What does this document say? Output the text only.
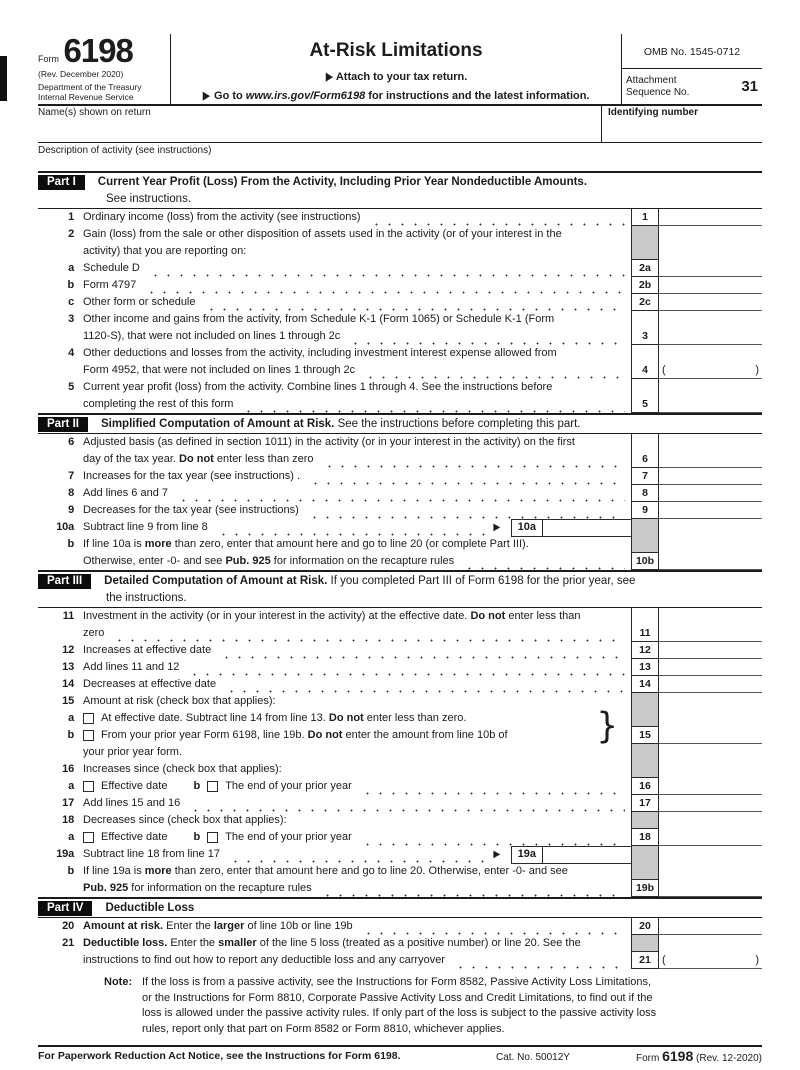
Form 6198
(Rev. December 2020)
Department of the Treasury
Internal Revenue Service
At-Risk Limitations
▶ Attach to your tax return.
▶ Go to www.irs.gov/Form6198 for instructions and the latest information.
OMB No. 1545-0712
Attachment
Sequence No.	31
Name(s) shown on return	Identifying number
Description of activity (see instructions)
Part I	Current Year Profit (Loss) From the Activity, Including Prior Year Nondeductible Amounts.
See instructions.
1 Ordinary income (loss) from the activity (see instructions)	1
2 Gain (loss) from the sale or other disposition of assets used in the activity (or of your interest in the
activity) that you are reporting on:
a Schedule D	2a
b Form 4797	2b
c Other form or schedule	2c
3 Other income and gains from the activity, from Schedule K-1 (Form 1065) or Schedule K-1 (Form
1120-S), that were not included on lines 1 through 2c	3
4 Other deductions and losses from the activity, including investment interest expense allowed from
Form 4952, that were not included on lines 1 through 2c	4	(	)
5 Current year profit (loss) from the activity. Combine lines 1 through 4. See the instructions before
completing the rest of this form	5
Part II	Simplified Computation of Amount at Risk. See the instructions before completing this part.
6 Adjusted basis (as defined in section 1011) in the activity (or in your interest in the activity) on the first
day of the tax year. Do not enter less than zero	6
7 Increases for the tax year (see instructions) .	7
8 Add lines 6 and 7	8
9 Decreases for the tax year (see instructions)	9
10a Subtract line 9 from line 8	▶	10a
b If line 10a is more than zero, enter that amount here and go to line 20 (or complete Part III).
Otherwise, enter -0- and see Pub. 925 for information on the recapture rules	10b
Part III	Detailed Computation of Amount at Risk. If you completed Part III of Form 6198 for the prior year, see
the instructions.
11 Investment in the activity (or in your interest in the activity) at the effective date. Do not enter less than
zero	11
12 Increases at effective date	12
13 Add lines 11 and 12	13
14 Decreases at effective date	14
15 Amount at risk (check box that applies):
a At effective date. Subtract line 14 from line 13. Do not enter less than zero.	}
b From your prior year Form 6198, line 19b. Do not enter the amount from line 10b of	15
your prior year form.
16 Increases since (check box that applies):
a Effective date b The end of your prior year	16
17 Add lines 15 and 16	17
18 Decreases since (check box that applies):
a Effective date b The end of your prior year	18
19a Subtract line 18 from line 17	▶	19a
b If line 19a is more than zero, enter that amount here and go to line 20. Otherwise, enter -0- and see
Pub. 925 for information on the recapture rules	19b
Part IV	Deductible Loss
20 Amount at risk. Enter the larger of line 10b or line 19b	20
21 Deductible loss. Enter the smaller of the line 5 loss (treated as a positive number) or line 20. See the
instructions to find out how to report any deductible loss and any carryover	21	(	)
Note: If the loss is from a passive activity, see the Instructions for Form 8582, Passive Activity Loss Limitations, or the Instructions for Form 8810, Corporate Passive Activity Loss and Credit Limitations, to find out if the loss is allowed under the passive activity rules. If only part of the loss is subject to the passive activity loss rules, report only that part on Form 8582 or Form 8810, whichever applies.
For Paperwork Reduction Act Notice, see the Instructions for Form 6198.	Cat. No. 50012Y	Form 6198 (Rev. 12-2020)
